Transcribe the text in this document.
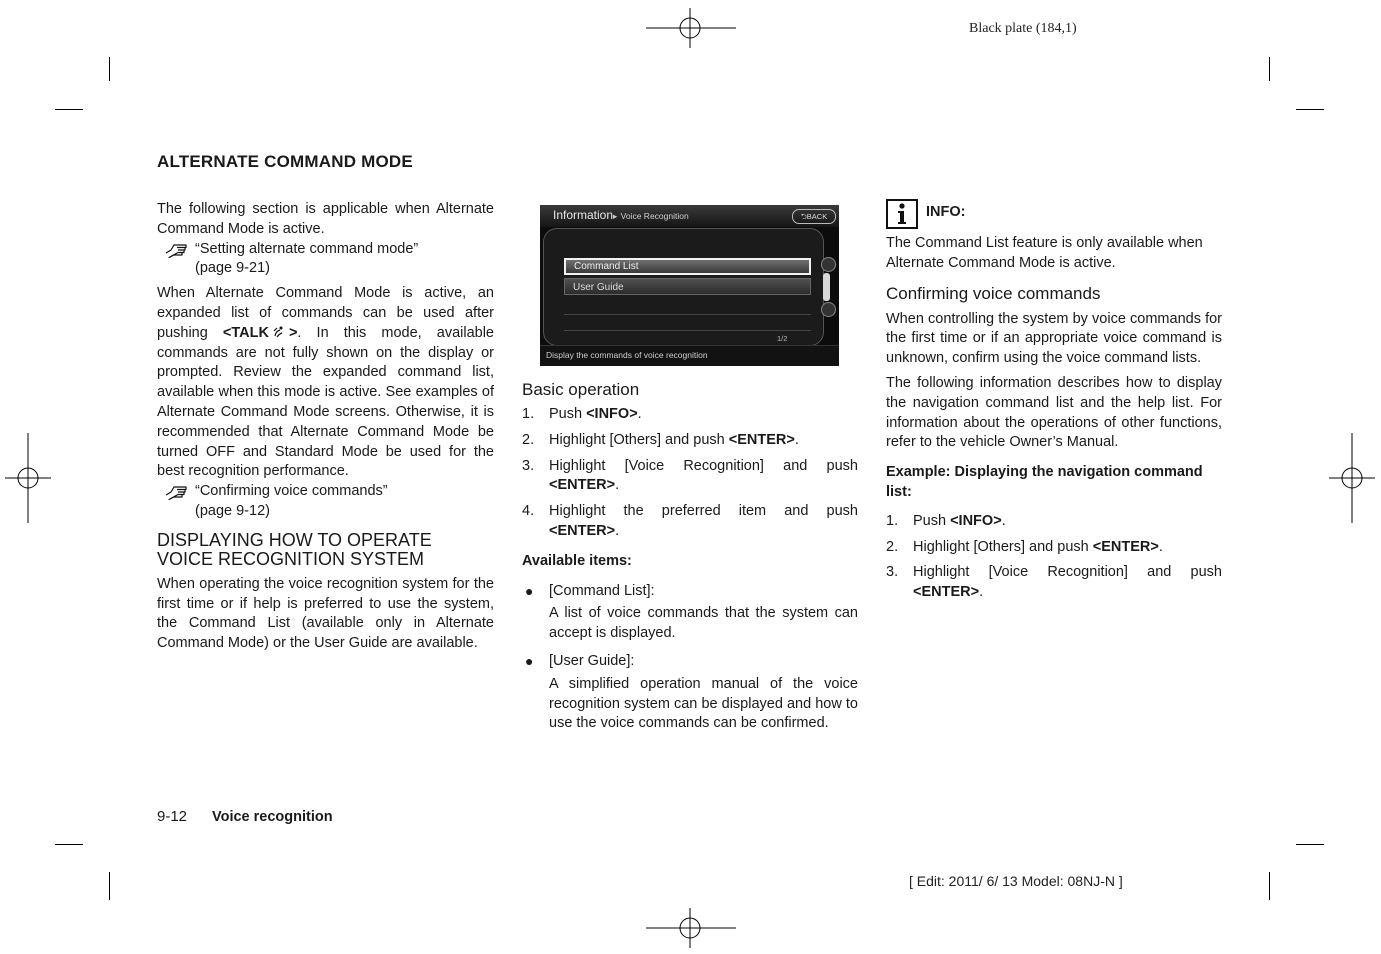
Black plate (184,1)
ALTERNATE COMMAND MODE

The following section is applicable when Alternate Command Mode is active.

“Setting alternate command mode”
(page 9-21)

When Alternate Command Mode is active, an expanded list of commands can be used after pushing <TALK >. In this mode, available commands are not fully shown on the display or prompted. Review the expanded command list, available when this mode is active. See examples of Alternate Command Mode screens. Otherwise, it is recommended that Alternate Command Mode be turned OFF and Standard Mode be used for the best recognition performance.

“Confirming voice commands”
(page 9-12)
DISPLAYING HOW TO OPERATE
VOICE RECOGNITION SYSTEM

When operating the voice recognition system for the first time or if help is preferred to use the system, the Command List (available only in Alternate Command Mode) or the User Guide are available.

Information▸ Voice Recognition	⮌BACK
Command List
User Guide
1/2
Display the commands of voice recognition
Basic operation
1. Push <INFO>.
2. Highlight [Others] and push <ENTER>.
3. Highlight [Voice Recognition] and push <ENTER>.
4. Highlight the preferred item and push <ENTER>.

Available items:

● [Command List]:
A list of voice commands that the system can accept is displayed.
● [User Guide]:
A simplified operation manual of the voice recognition system can be displayed and how to use the voice commands can be confirmed.
INFO:

The Command List feature is only available when Alternate Command Mode is active.

Confirming voice commands

When controlling the system by voice commands for the first time or if an appropriate voice command is unknown, confirm using the voice command lists.

The following information describes how to display the navigation command list and the help list. For information about the operations of other functions, refer to the vehicle Owner’s Manual.

Example: Displaying the navigation command list:

1. Push <INFO>.
2. Highlight [Others] and push <ENTER>.
3. Highlight [Voice Recognition] and push <ENTER>.
9-12 Voice recognition
[ Edit: 2011/ 6/ 13 Model: 08NJ-N ]
